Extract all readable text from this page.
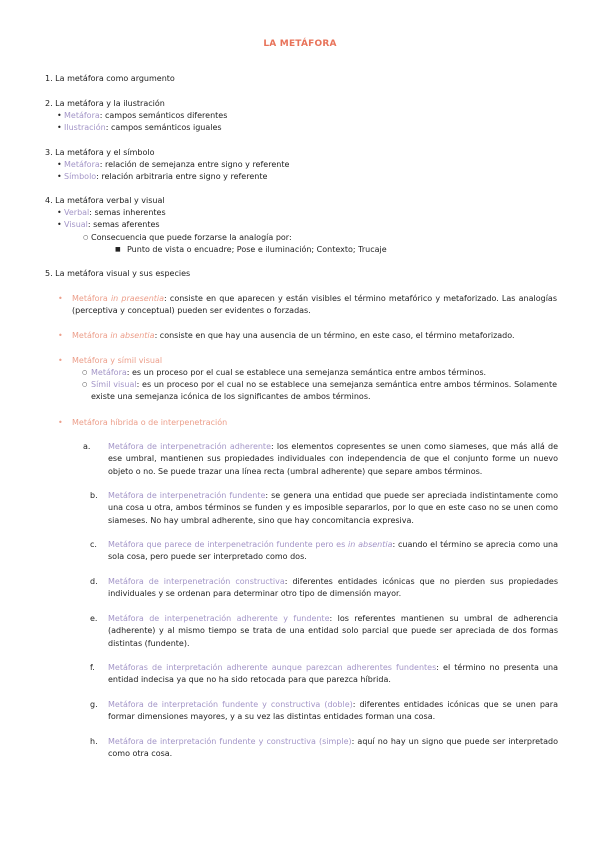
LA METÁFORA
1. La metáfora como argumento
2. La metáfora y la ilustración
• Metáfora: campos semánticos diferentes
• Ilustración: campos semánticos iguales
3. La metáfora y el símbolo
• Metáfora: relación de semejanza entre signo y referente
• Símbolo: relación arbitraria entre signo y referente
4. La metáfora verbal y visual
• Verbal: semas inherentes
• Visual: semas aferentes
○ Consecuencia que puede forzarse la analogía por:
■ Punto de vista o encuadre; Pose e iluminación; Contexto; Trucaje
5. La metáfora visual y sus especies
• Metáfora in praesentia: consiste en que aparecen y están visibles el término metafórico y metaforizado. Las analogías (perceptiva y conceptual) pueden ser evidentes o forzadas.
• Metáfora in absentia: consiste en que hay una ausencia de un término, en este caso, el término metaforizado.
• Metáfora y símil visual
○ Metáfora: es un proceso por el cual se establece una semejanza semántica entre ambos términos.
○ Símil visual: es un proceso por el cual no se establece una semejanza semántica entre ambos términos. Solamente existe una semejanza icónica de los significantes de ambos términos.
• Metáfora híbrida o de interpenetración
a. Metáfora de interpenetración adherente: los elementos copresentes se unen como siameses, que más allá de ese umbral, mantienen sus propiedades individuales con independencia de que el conjunto forme un nuevo objeto o no. Se puede trazar una línea recta (umbral adherente) que separe ambos términos.
b. Metáfora de interpenetración fundente: se genera una entidad que puede ser apreciada indistintamente como una cosa u otra, ambos términos se funden y es imposible separarlos, por lo que en este caso no se unen como siameses. No hay umbral adherente, sino que hay concomitancia expresiva.
c. Metáfora que parece de interpenetración fundente pero es in absentia: cuando el término se aprecia como una sola cosa, pero puede ser interpretado como dos.
d. Metáfora de interpenetración constructiva: diferentes entidades icónicas que no pierden sus propiedades individuales y se ordenan para determinar otro tipo de dimensión mayor.
e. Metáfora de interpenetración adherente y fundente: los referentes mantienen su umbral de adherencia (adherente) y al mismo tiempo se trata de una entidad solo parcial que puede ser apreciada de dos formas distintas (fundente).
f. Metáforas de interpretación adherente aunque parezcan adherentes fundentes: el término no presenta una entidad indecisa ya que no ha sido retocada para que parezca híbrida.
g. Metáfora de interpretación fundente y constructiva (doble): diferentes entidades icónicas que se unen para formar dimensiones mayores, y a su vez las distintas entidades forman una cosa.
h. Metáfora de interpretación fundente y constructiva (simple): aquí no hay un signo que puede ser interpretado como otra cosa.
